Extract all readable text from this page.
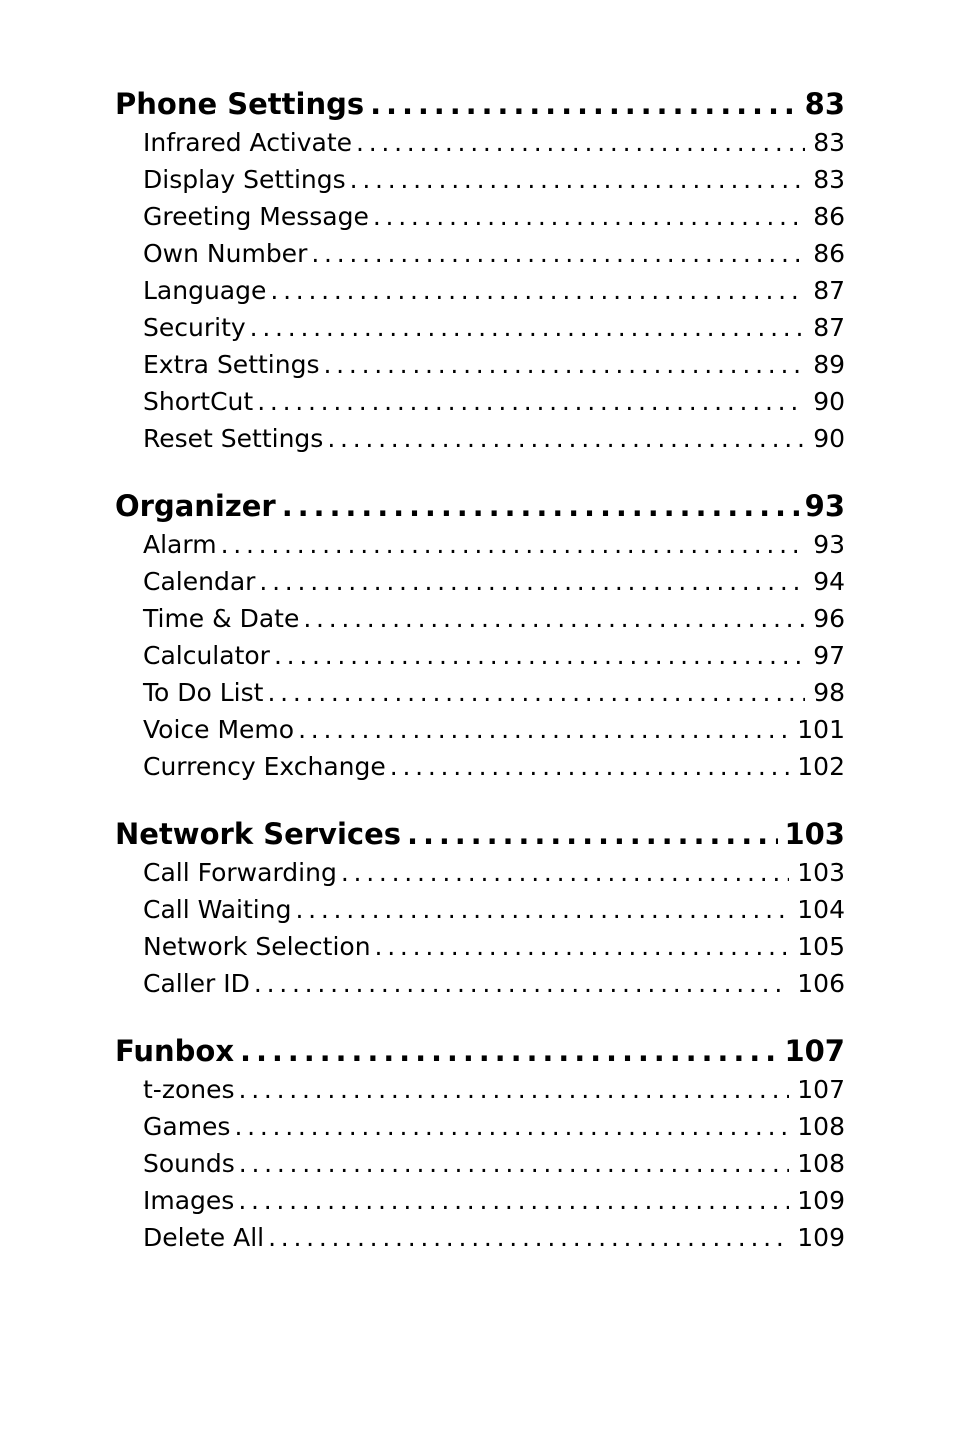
Phone Settings . . .	83
Infrared Activate . . .	83
Display Settings . . .	83
Greeting Message . . .	86
Own Number . . .	86
Language . . .	87
Security . . .	87
Extra Settings . . .	89
ShortCut . . .	90
Reset Settings . . .	90
Organizer . . .	93
Alarm . . .	93
Calendar . . .	94
Time & Date . . .	96
Calculator . . .	97
To Do List . . .	98
Voice Memo . . .	101
Currency Exchange . . .	102
Network Services . . .	103
Call Forwarding . . .	103
Call Waiting . . .	104
Network Selection . . .	105
Caller ID . . .	106
Funbox . . .	107
t-zones . . .	107
Games . . .	108
Sounds . . .	108
Images . . .	109
Delete All . . .	109
